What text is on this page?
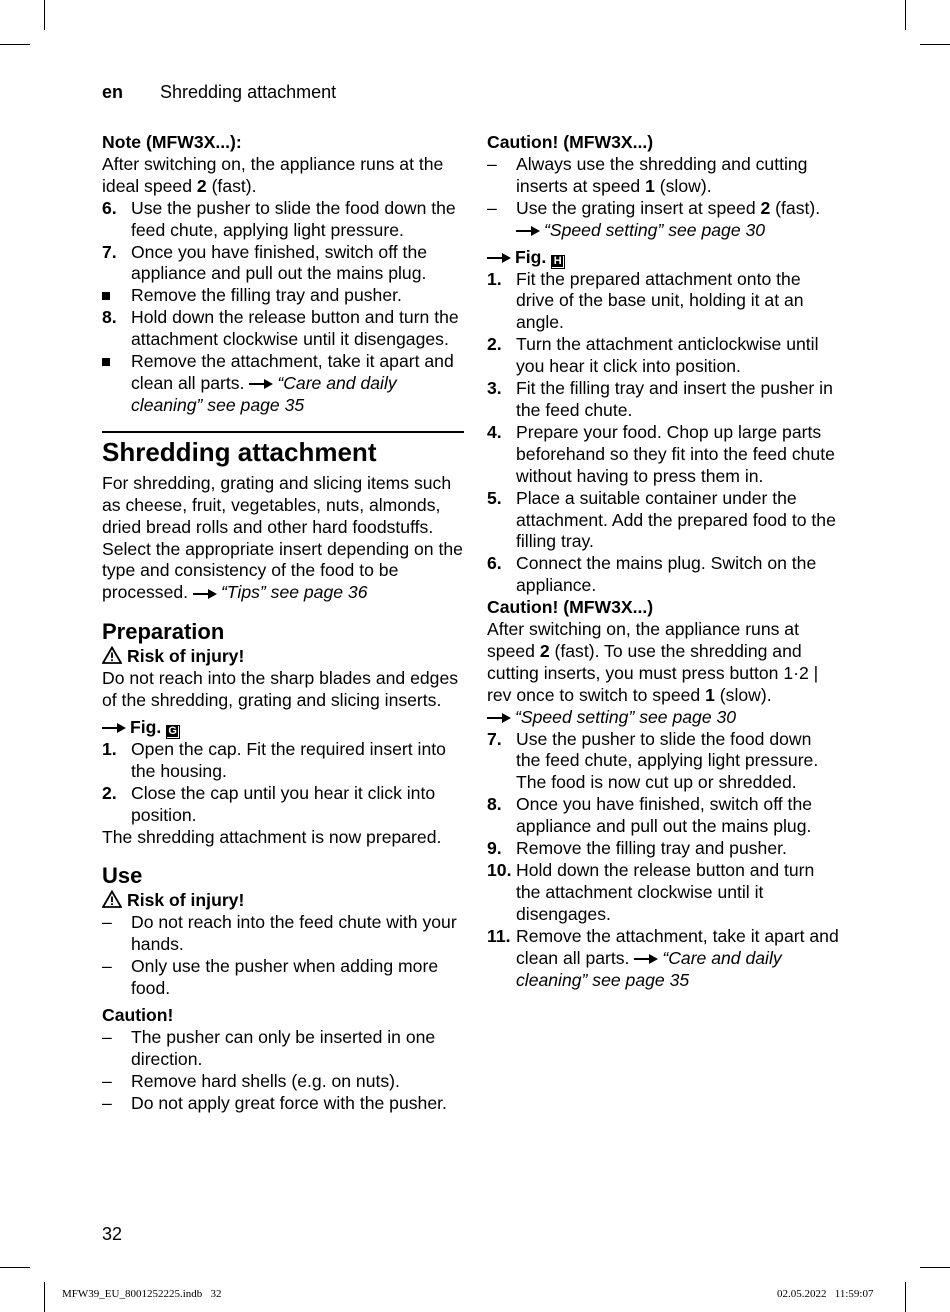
en Shredding attachment
Note (MFW3X...):
After switching on, the appliance runs at the ideal speed 2 (fast).
6. Use the pusher to slide the food down the feed chute, applying light pressure.
7. Once you have finished, switch off the appliance and pull out the mains plug.
Remove the filling tray and pusher.
8. Hold down the release button and turn the attachment clockwise until it disengages.
Remove the attachment, take it apart and clean all parts. “Care and daily cleaning” see page 35
Shredding attachment
For shredding, grating and slicing items such as cheese, fruit, vegetables, nuts, almonds, dried bread rolls and other hard foodstuffs. Select the appropriate insert depending on the type and consistency of the food to be processed. “Tips” see page 36
Preparation
Risk of injury!
Do not reach into the sharp blades and edges of the shredding, grating and slicing inserts.
Fig. G
1. Open the cap. Fit the required insert into the housing.
2. Close the cap until you hear it click into position.
The shredding attachment is now prepared.
Use
Risk of injury!
– Do not reach into the feed chute with your hands.
– Only use the pusher when adding more food.
Caution!
– The pusher can only be inserted in one direction.
– Remove hard shells (e.g. on nuts).
– Do not apply great force with the pusher.
Caution! (MFW3X...)
– Always use the shredding and cutting inserts at speed 1 (slow).
– Use the grating insert at speed 2 (fast).
“Speed setting” see page 30
Fig. H
1. Fit the prepared attachment onto the drive of the base unit, holding it at an angle.
2. Turn the attachment anticlockwise until you hear it click into position.
3. Fit the filling tray and insert the pusher in the feed chute.
4. Prepare your food. Chop up large parts beforehand so they fit into the feed chute without having to press them in.
5. Place a suitable container under the attachment. Add the prepared food to the filling tray.
6. Connect the mains plug. Switch on the appliance.
Caution! (MFW3X...)
After switching on, the appliance runs at speed 2 (fast). To use the shredding and cutting inserts, you must press button 1·2 | rev once to switch to speed 1 (slow).
“Speed setting” see page 30
7. Use the pusher to slide the food down the feed chute, applying light pressure. The food is now cut up or shredded.
8. Once you have finished, switch off the appliance and pull out the mains plug.
9. Remove the filling tray and pusher.
10. Hold down the release button and turn the attachment clockwise until it disengages.
11. Remove the attachment, take it apart and clean all parts. “Care and daily cleaning” see page 35
32
MFW39_EU_8001252225.indb   32	02.05.2022   11:59:07
